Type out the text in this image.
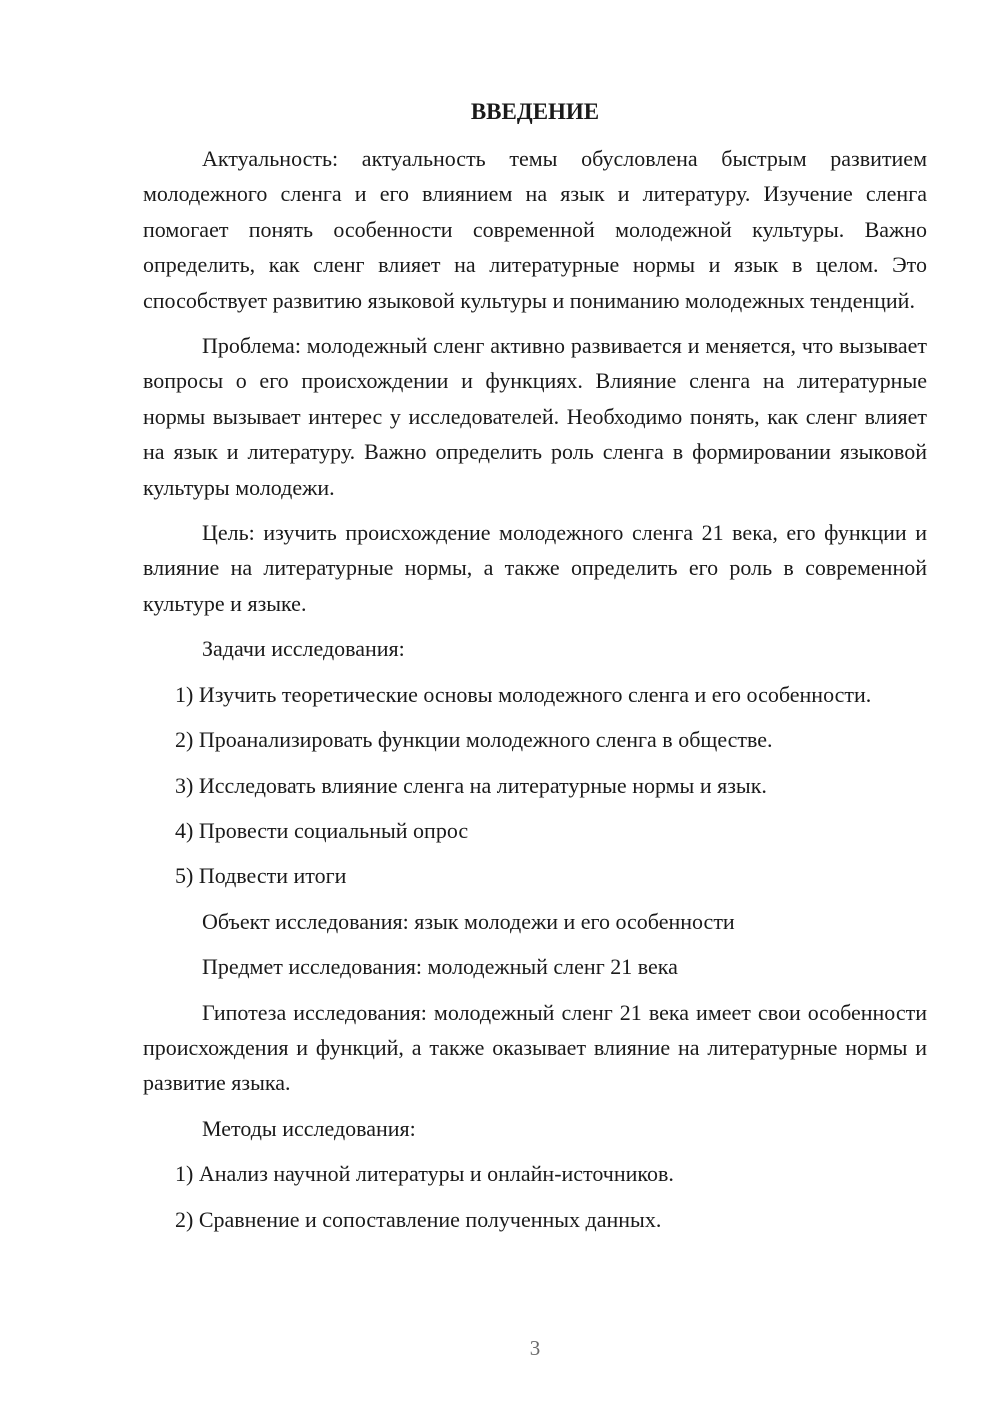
ВВЕДЕНИЕ

Актуальность: актуальность темы обусловлена быстрым развитием молодежного сленга и его влиянием на язык и литературу. Изучение сленга помогает понять особенности современной молодежной культуры. Важно определить, как сленг влияет на литературные нормы и язык в целом. Это способствует развитию языковой культуры и пониманию молодежных тенденций.

Проблема: молодежный сленг активно развивается и меняется, что вызывает вопросы о его происхождении и функциях. Влияние сленга на литературные нормы вызывает интерес у исследователей. Необходимо понять, как сленг влияет на язык и литературу. Важно определить роль сленга в формировании языковой культуры молодежи.

Цель: изучить происхождение молодежного сленга 21 века, его функции и влияние на литературные нормы, а также определить его роль в современной культуре и языке.

Задачи исследования:

1) Изучить теоретические основы молодежного сленга и его особенности.

2) Проанализировать функции молодежного сленга в обществе.

3) Исследовать влияние сленга на литературные нормы и язык.

4) Провести социальный опрос

5) Подвести итоги

Объект исследования: язык молодежи и его особенности

Предмет исследования: молодежный сленг 21 века

Гипотеза исследования: молодежный сленг 21 века имеет свои особенности происхождения и функций, а также оказывает влияние на литературные нормы и развитие языка.

Методы исследования:

1) Анализ научной литературы и онлайн-источников.

2) Сравнение и сопоставление полученных данных.

3
